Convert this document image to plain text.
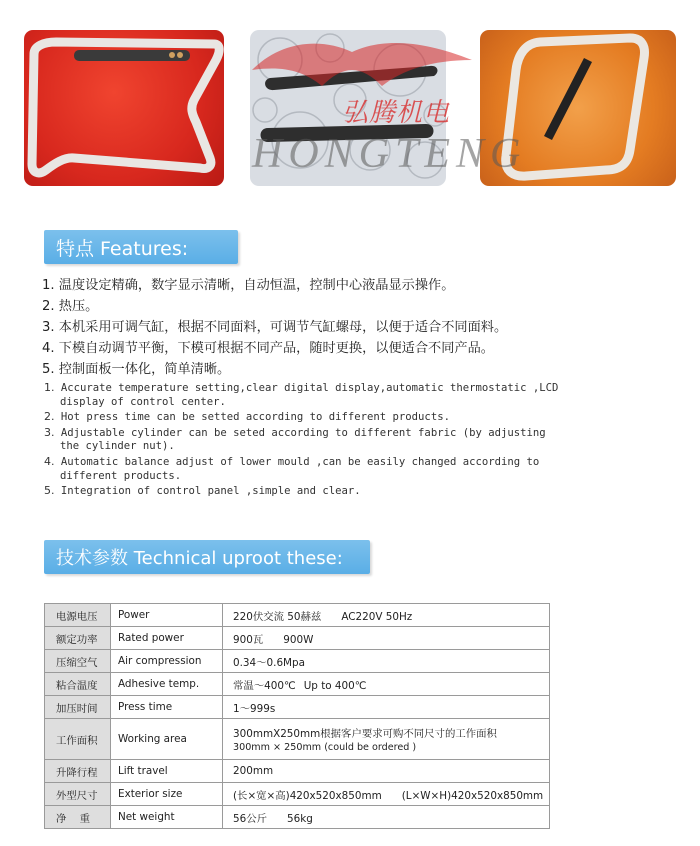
弘腾机电
HONGTENG
特点 Features:
1. 温度设定精确，数字显示清晰，自动恒温，控制中心液晶显示操作。
2. 热压。
3. 本机采用可调气缸，根据不同面料，可调节气缸螺母，以便于适合不同面料。
4. 下模自动调节平衡，下模可根据不同产品，随时更换，以便适合不同产品。
5. 控制面板一体化，简单清晰。
1. Accurate temperature setting,clear digital display,automatic thermostatic ,LCD
display of control center.
2. Hot press time can be setted according to different products.
3. Adjustable cylinder can be seted according to different fabric (by adjusting
the cylinder nut).
4. Automatic balance adjust of lower mould ,can be easily changed according to
different products.
5. Integration of control panel ,simple and clear.
技术参数 Technical uproot these:
电源电压	Power	220伏交流 50赫兹 AC220V 50Hz
额定功率	Rated power	900瓦 900W
压缩空气	Air compression	0.34～0.6Mpa
粘合温度	Adhesive temp.	常温～400℃ Up to 400℃
加压时间	Press time	1～999s
工作面积	Working area	300mmX250mm根据客户要求可购不同尺寸的工作面积
300mm × 250mm (could be ordered )

升降行程	Lift travel	200mm
外型尺寸	Exterior size	(长×宽×高)420x520x850mm (L×W×H)420x520x850mm
净    重	Net weight	56公斤 56kg
